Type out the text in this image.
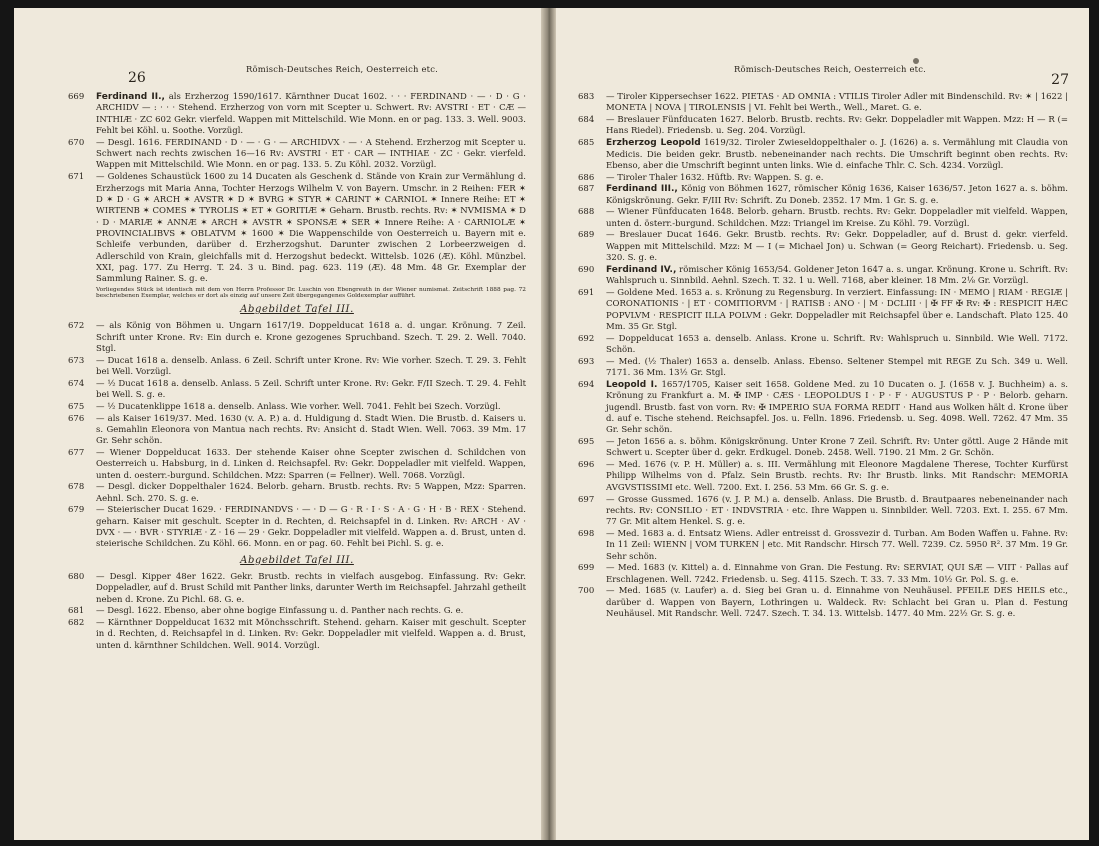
26
Römisch-Deutsches Reich, Oesterreich etc.
669	Ferdinand II., als Erzherzog 1590/1617. Kärnthner Ducat 1602. · · · FERDINAND · — · D · G · ARCHIDV — : · · · Stehend. Erzherzog von vorn mit Scepter u. Schwert. Rv: AVSTRI · ET · CÆ — INTHIÆ · ZC 602 Gekr. vierfeld. Wappen mit Mittelschild. Wie Monn. en or pag. 133. 3. Well. 9003. Fehlt bei Köhl. u. Soothe. Vorzügl.
670	— Desgl. 1616. FERDINAND · D · — · G · — ARCHIDVX · — · A Stehend. Erzherzog mit Scepter u. Schwert nach rechts zwischen 16—16 Rv: AVSTRI · ET · CAR — INTHIAE · ZC · Gekr. vierfeld. Wappen mit Mittelschild. Wie Monn. en or pag. 133. 5. Zu Köhl. 2032. Vorzügl.
671	— Goldenes Schaustück 1600 zu 14 Ducaten als Geschenk d. Stände von Krain zur Vermählung d. Erzherzogs mit Maria Anna, Tochter Herzogs Wilhelm V. von Bayern. Umschr. in 2 Reihen: FER ✶ D ✶ D · G ✶ ARCH ✶ AVSTR ✶ D ✶ BVRG ✶ STYR ✶ CARINT ✶ CARNIOL ✶ Innere Reihe: ET ✶ WIRTENB ✶ COMES ✶ TYROLIS ✶ ET ✶ GORITIÆ ✶ Geharn. Brustb. rechts. Rv: ✶ NVMISMA ✶ D · D · MARIÆ ✶ ANNÆ ✶ ARCH ✶ AVSTR ✶ SPONSÆ ✶ SER ✶ Innere Reihe: A · CARNIOLÆ ✶ PROVINCIALIBVS ✶ OBLATVM ✶ 1600 ✶ Die Wappenschilde von Oesterreich u. Bayern mit e. Schleife verbunden, darüber d. Erzherzogshut. Darunter zwischen 2 Lorbeerzweigen d. Adlerschild von Krain, gleichfalls mit d. Herzogshut bedeckt. Wittelsb. 1026 (Æ). Köhl. Münzbel. XXI, pag. 177. Zu Herrg. T. 24. 3 u. Bind. pag. 623. 119 (Æ). 48 Mm. 48 Gr. Exemplar der Sammlung Rainer. S. g. e.
Vorliegendes Stück ist identisch mit dem von Herrn Professor Dr. Luschin von Ebengreuth in der Wiener numismat. Zeitschrift 1888 pag. 72 beschriebenen Exemplar, welches er dort als einzig auf unsere Zeit übergegangenes Goldexemplar aufführt.
Abgebildet Tafel III.
672	— als König von Böhmen u. Ungarn 1617/19. Doppelducat 1618 a. d. ungar. Krönung. 7 Zeil. Schrift unter Krone. Rv: Ein durch e. Krone gezogenes Spruchband. Szech. T. 29. 2. Well. 7040. Stgl.
673	— Ducat 1618 a. denselb. Anlass. 6 Zeil. Schrift unter Krone. Rv: Wie vorher. Szech. T. 29. 3. Fehlt bei Well. Vorzügl.
674	— ½ Ducat 1618 a. denselb. Anlass. 5 Zeil. Schrift unter Krone. Rv: Gekr. F/II Szech. T. 29. 4. Fehlt bei Well. S. g. e.
675	— ½ Ducatenklippe 1618 a. denselb. Anlass. Wie vorher. Well. 7041. Fehlt bei Szech. Vorzügl.
676	— als Kaiser 1619/37. Med. 1630 (v. A. P.) a. d. Huldigung d. Stadt Wien. Die Brustb. d. Kaisers u. s. Gemahlin Eleonora von Mantua nach rechts. Rv: Ansicht d. Stadt Wien. Well. 7063. 39 Mm. 17 Gr. Sehr schön.
677	— Wiener Doppelducat 1633. Der stehende Kaiser ohne Scepter zwischen d. Schildchen von Oesterreich u. Habsburg, in d. Linken d. Reichsapfel. Rv: Gekr. Doppeladler mit vielfeld. Wappen, unten d. oesterr.-burgund. Schildchen. Mzz: Sparren (= Fellner). Well. 7068. Vorzügl.
678	— Desgl. dicker Doppelthaler 1624. Belorb. geharn. Brustb. rechts. Rv: 5 Wappen, Mzz: Sparren. Aehnl. Sch. 270. S. g. e.
679	— Steierischer Ducat 1629. · FERDINANDVS · — · D — G · R · I · S · A · G · H · B · REX · Stehend. geharn. Kaiser mit geschult. Scepter in d. Rechten, d. Reichsapfel in d. Linken. Rv: ARCH · AV · DVX · — · BVR · STYRIÆ · Z · 16 — 29 · Gekr. Doppeladler mit vielfeld. Wappen a. d. Brust, unten d. steierische Schildchen. Zu Köhl. 66. Monn. en or pag. 60. Fehlt bei Pichl. S. g. e.
Abgebildet Tafel III.
680	— Desgl. Kipper 48er 1622. Gekr. Brustb. rechts in vielfach ausgebog. Einfassung. Rv: Gekr. Doppeladler, auf d. Brust Schild mit Panther links, darunter Werth im Reichsapfel. Jahrzahl getheilt neben d. Krone. Zu Pichl. 68. G. e.
681	— Desgl. 1622. Ebenso, aber ohne bogige Einfassung u. d. Panther nach rechts. G. e.
682	— Kärnthner Doppelducat 1632 mit Mönchsschrift. Stehend. geharn. Kaiser mit geschult. Scepter in d. Rechten, d. Reichsapfel in d. Linken. Rv: Gekr. Doppeladler mit vielfeld. Wappen a. d. Brust, unten d. kärnthner Schildchen. Well. 9014. Vorzügl.
27
Römisch-Deutsches Reich, Oesterreich etc.
683	— Tiroler Kippersechser 1622. PIETAS · AD OMNIA : VTILIS Tiroler Adler mit Bindenschild. Rv: ✶ | 1622 | MONETA | NOVA | TIROLENSIS | VI. Fehlt bei Werth., Well., Maret. G. e.
684	— Breslauer Fünfducaten 1627. Belorb. Brustb. rechts. Rv: Gekr. Doppeladler mit Wappen. Mzz: H — R (= Hans Riedel). Friedensb. u. Seg. 204. Vorzügl.
685	Erzherzog Leopold 1619/32. Tiroler Zwieseldoppelthaler o. J. (1626) a. s. Vermählung mit Claudia von Medicis. Die beiden gekr. Brustb. nebeneinander nach rechts. Die Umschrift beginnt oben rechts. Rv: Ebenso, aber die Umschrift beginnt unten links. Wie d. einfache Thlr. C. Sch. 4234. Vorzügl.
686	— Tiroler Thaler 1632. Hüftb. Rv: Wappen. S. g. e.
687	Ferdinand III., König von Böhmen 1627, römischer König 1636, Kaiser 1636/57. Jeton 1627 a. s. böhm. Königskrönung. Gekr. F/III Rv: Schrift. Zu Doneb. 2352. 17 Mm. 1 Gr. S. g. e.
688	— Wiener Fünfducaten 1648. Belorb. geharn. Brustb. rechts. Rv: Gekr. Doppeladler mit vielfeld. Wappen, unten d. österr.-burgund. Schildchen. Mzz: Triangel im Kreise. Zu Köhl. 79. Vorzügl.
689	— Breslauer Ducat 1646. Gekr. Brustb. rechts. Rv: Gekr. Doppeladler, auf d. Brust d. gekr. vierfeld. Wappen mit Mittelschild. Mzz: M — I (= Michael Jon) u. Schwan (= Georg Reichart). Friedensb. u. Seg. 320. S. g. e.
690	Ferdinand IV., römischer König 1653/54. Goldener Jeton 1647 a. s. ungar. Krönung. Krone u. Schrift. Rv: Wahlspruch u. Sinnbild. Aehnl. Szech. T. 32. 1 u. Well. 7168, aber kleiner. 18 Mm. 2⅛ Gr. Vorzügl.
691	— Goldene Med. 1653 a. s. Krönung zu Regensburg. In verziert. Einfassung: IN · MEMO | RIAM · REGIÆ | CORONATIONIS · | ET · COMITIORVM · | RATISB : ANO · | M · DCLIII · | ✠ FF ✠ Rv: ✠ : RESPICIT HÆC POPVLVM · RESPICIT ILLA POLVM : Gekr. Doppeladler mit Reichsapfel über e. Landschaft. Plato 125. 40 Mm. 35 Gr. Stgl.
692	— Doppelducat 1653 a. denselb. Anlass. Krone u. Schrift. Rv: Wahlspruch u. Sinnbild. Wie Well. 7172. Schön.
693	— Med. (½ Thaler) 1653 a. denselb. Anlass. Ebenso. Seltener Stempel mit REGE Zu Sch. 349 u. Well. 7171. 36 Mm. 13½ Gr. Stgl.
694	Leopold I. 1657/1705, Kaiser seit 1658. Goldene Med. zu 10 Ducaten o. J. (1658 v. J. Buchheim) a. s. Krönung zu Frankfurt a. M. ✠ IMP · CÆS · LEOPOLDUS I · P · F · AUGUSTUS P · P · Belorb. geharn. jugendl. Brustb. fast von vorn. Rv: ✠ IMPERIO SUA FORMA REDIT · Hand aus Wolken hält d. Krone über d. auf e. Tische stehend. Reichsapfel. Jos. u. Felln. 1896. Friedensb. u. Seg. 4098. Well. 7262. 47 Mm. 35 Gr. Sehr schön.
695	— Jeton 1656 a. s. böhm. Königskrönung. Unter Krone 7 Zeil. Schrift. Rv: Unter göttl. Auge 2 Hände mit Schwert u. Scepter über d. gekr. Erdkugel. Doneb. 2458. Well. 7190. 21 Mm. 2 Gr. Schön.
696	— Med. 1676 (v. P. H. Müller) a. s. III. Vermählung mit Eleonore Magdalene Therese, Tochter Kurfürst Philipp Wilhelms von d. Pfalz. Sein Brustb. rechts. Rv: Ihr Brustb. links. Mit Randschr: MEMORIA AVGVSTISSIMI etc. Well. 7200. Ext. I. 256. 53 Mm. 66 Gr. S. g. e.
697	— Grosse Gussmed. 1676 (v. J. P. M.) a. denselb. Anlass. Die Brustb. d. Brautpaares nebeneinander nach rechts. Rv: CONSILIO · ET · INDVSTRIA · etc. Ihre Wappen u. Sinnbilder. Well. 7203. Ext. I. 255. 67 Mm. 77 Gr. Mit altem Henkel. S. g. e.
698	— Med. 1683 a. d. Entsatz Wiens. Adler entreisst d. Grossvezir d. Turban. Am Boden Waffen u. Fahne. Rv: In 11 Zeil: WIENN | VOM TURKEN | etc. Mit Randschr. Hirsch 77. Well. 7239. Cz. 5950 R². 37 Mm. 19 Gr. Sehr schön.
699	— Med. 1683 (v. Kittel) a. d. Einnahme von Gran. Die Festung. Rv: SERVIAT, QUI SÆ — VIIT · Pallas auf Erschlagenen. Well. 7242. Friedensb. u. Seg. 4115. Szech. T. 33. 7. 33 Mm. 10½ Gr. Pol. S. g. e.
700	— Med. 1685 (v. Laufer) a. d. Sieg bei Gran u. d. Einnahme von Neuhäusel. PFEILE DES HEILS etc., darüber d. Wappen von Bayern, Lothringen u. Waldeck. Rv: Schlacht bei Gran u. Plan d. Festung Neuhäusel. Mit Randschr. Well. 7247. Szech. T. 34. 13. Wittelsb. 1477. 40 Mm. 22½ Gr. S. g. e.
